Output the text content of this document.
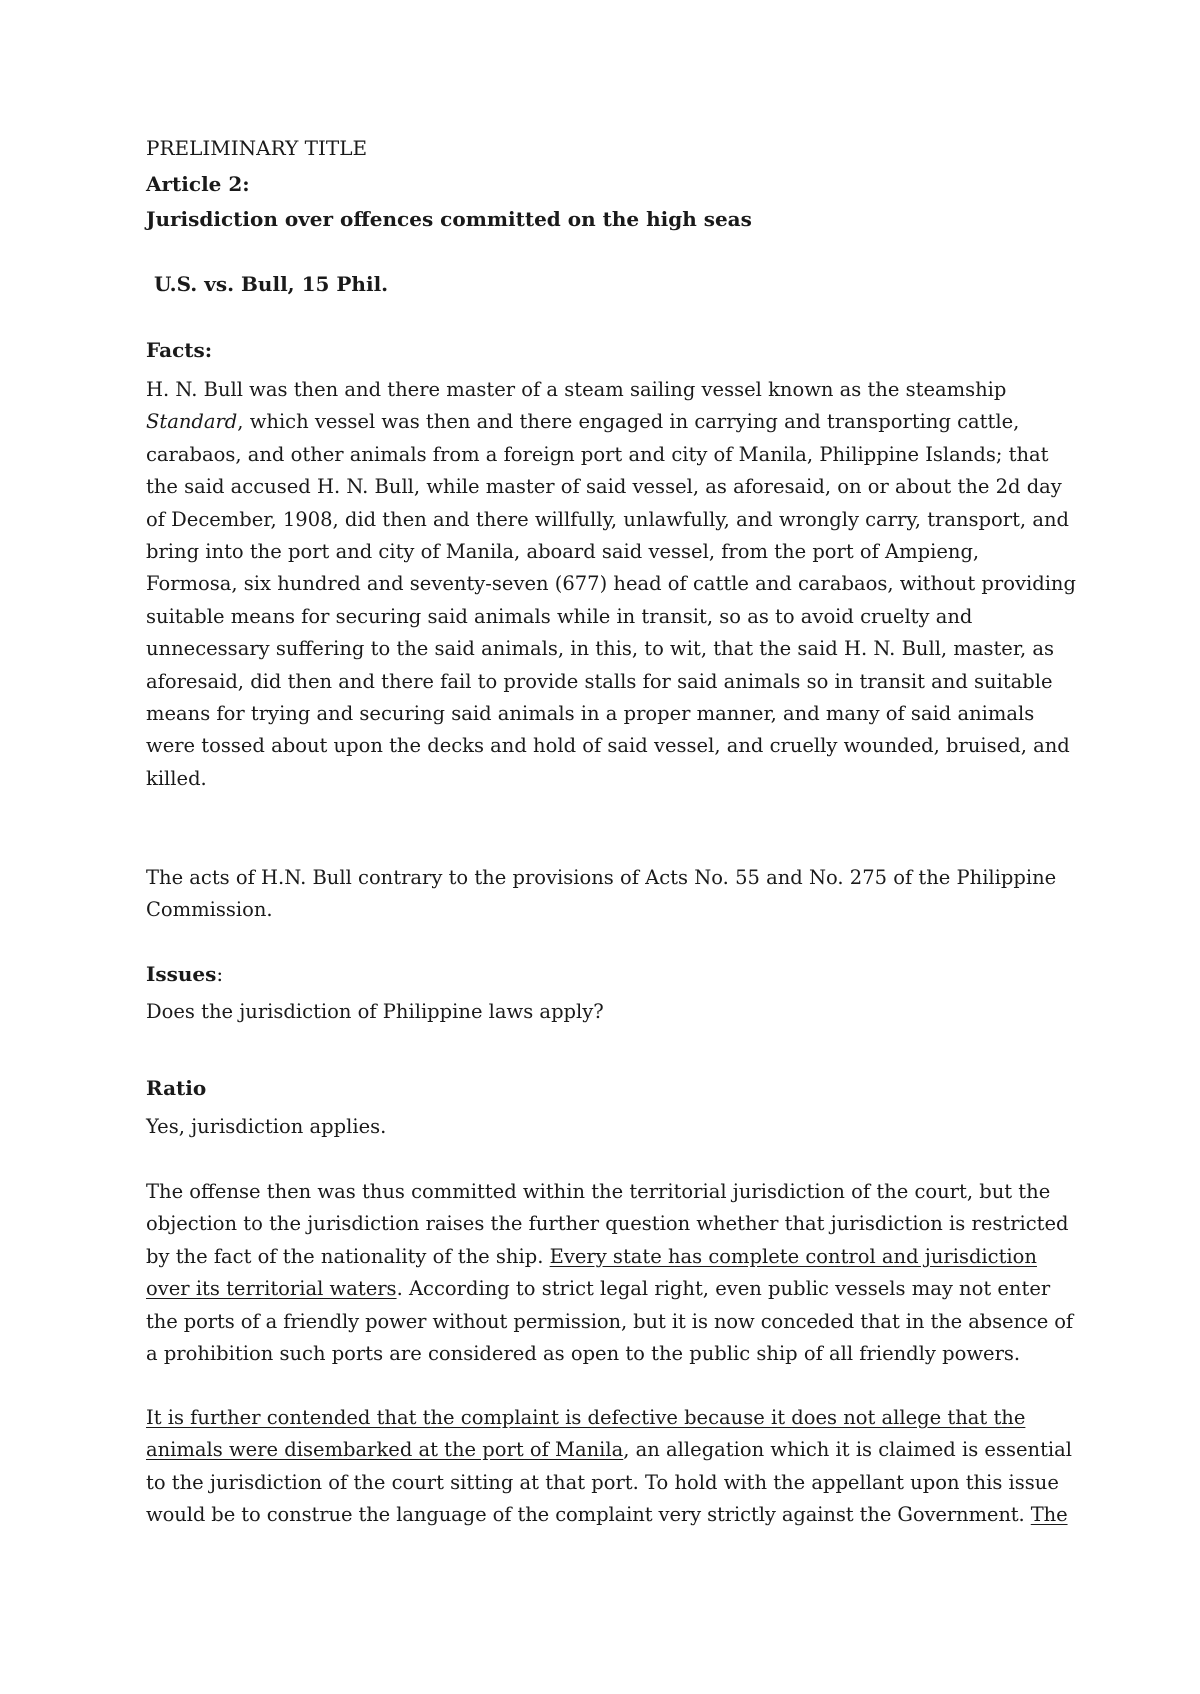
PRELIMINARY TITLE
Article 2:
Jurisdiction over offences committed on the high seas
U.S. vs. Bull, 15 Phil.
Facts:

H. N. Bull was then and there master of a steam sailing vessel known as the steamship
Standard, which vessel was then and there engaged in carrying and transporting cattle,
carabaos, and other animals from a foreign port and city of Manila, Philippine Islands; that
the said accused H. N. Bull, while master of said vessel, as aforesaid, on or about the 2d day
of December, 1908, did then and there willfully, unlawfully, and wrongly carry, transport, and
bring into the port and city of Manila, aboard said vessel, from the port of Ampieng,
Formosa, six hundred and seventy-seven (677) head of cattle and carabaos, without providing
suitable means for securing said animals while in transit, so as to avoid cruelty and
unnecessary suffering to the said animals, in this, to wit, that the said H. N. Bull, master, as
aforesaid, did then and there fail to provide stalls for said animals so in transit and suitable
means for trying and securing said animals in a proper manner, and many of said animals
were tossed about upon the decks and hold of said vessel, and cruelly wounded, bruised, and
killed.

The acts of H.N. Bull contrary to the provisions of Acts No. 55 and No. 275 of the Philippine
Commission.

Issues:

Does the jurisdiction of Philippine laws apply?

Ratio

Yes, jurisdiction applies.

The offense then was thus committed within the territorial jurisdiction of the court, but the
objection to the jurisdiction raises the further question whether that jurisdiction is restricted
by the fact of the nationality of the ship. Every state has complete control and jurisdiction
over its territorial waters. According to strict legal right, even public vessels may not enter
the ports of a friendly power without permission, but it is now conceded that in the absence of
a prohibition such ports are considered as open to the public ship of all friendly powers.

It is further contended that the complaint is defective because it does not allege that the
animals were disembarked at the port of Manila, an allegation which it is claimed is essential
to the jurisdiction of the court sitting at that port. To hold with the appellant upon this issue
would be to construe the language of the complaint very strictly against the Government. The
